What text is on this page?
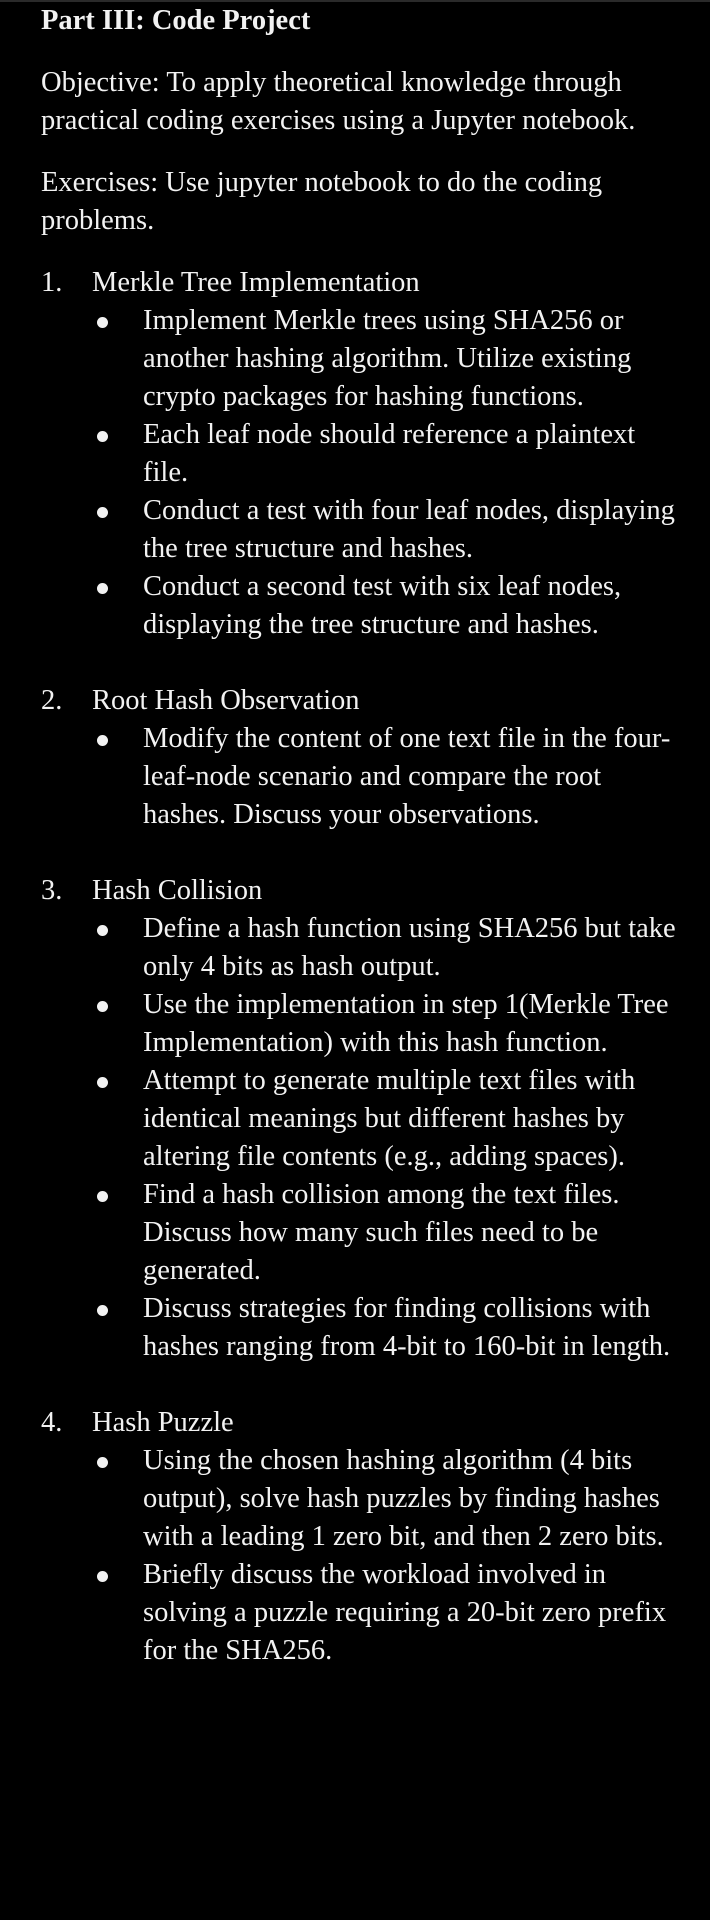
Part III: Code Project

Objective: To apply theoretical knowledge through practical coding exercises using a Jupyter notebook.

Exercises: Use jupyter notebook to do the coding problems.

1. Merkle Tree Implementation
Implement Merkle trees using SHA256 or another hashing algorithm. Utilize existing crypto packages for hashing functions.
Each leaf node should reference a plaintext file.
Conduct a test with four leaf nodes, displaying the tree structure and hashes.
Conduct a second test with six leaf nodes, displaying the tree structure and hashes.
2. Root Hash Observation
Modify the content of one text file in the four-leaf-node scenario and compare the root hashes. Discuss your observations.
3. Hash Collision
Define a hash function using SHA256 but take only 4 bits as hash output.
Use the implementation in step 1(Merkle Tree Implementation) with this hash function.
Attempt to generate multiple text files with identical meanings but different hashes by altering file contents (e.g., adding spaces).
Find a hash collision among the text files. Discuss how many such files need to be generated.
Discuss strategies for finding collisions with hashes ranging from 4-bit to 160-bit in length.
4. Hash Puzzle
Using the chosen hashing algorithm (4 bits output), solve hash puzzles by finding hashes with a leading 1 zero bit, and then 2 zero bits.
Briefly discuss the workload involved in solving a puzzle requiring a 20-bit zero prefix for the SHA256.
